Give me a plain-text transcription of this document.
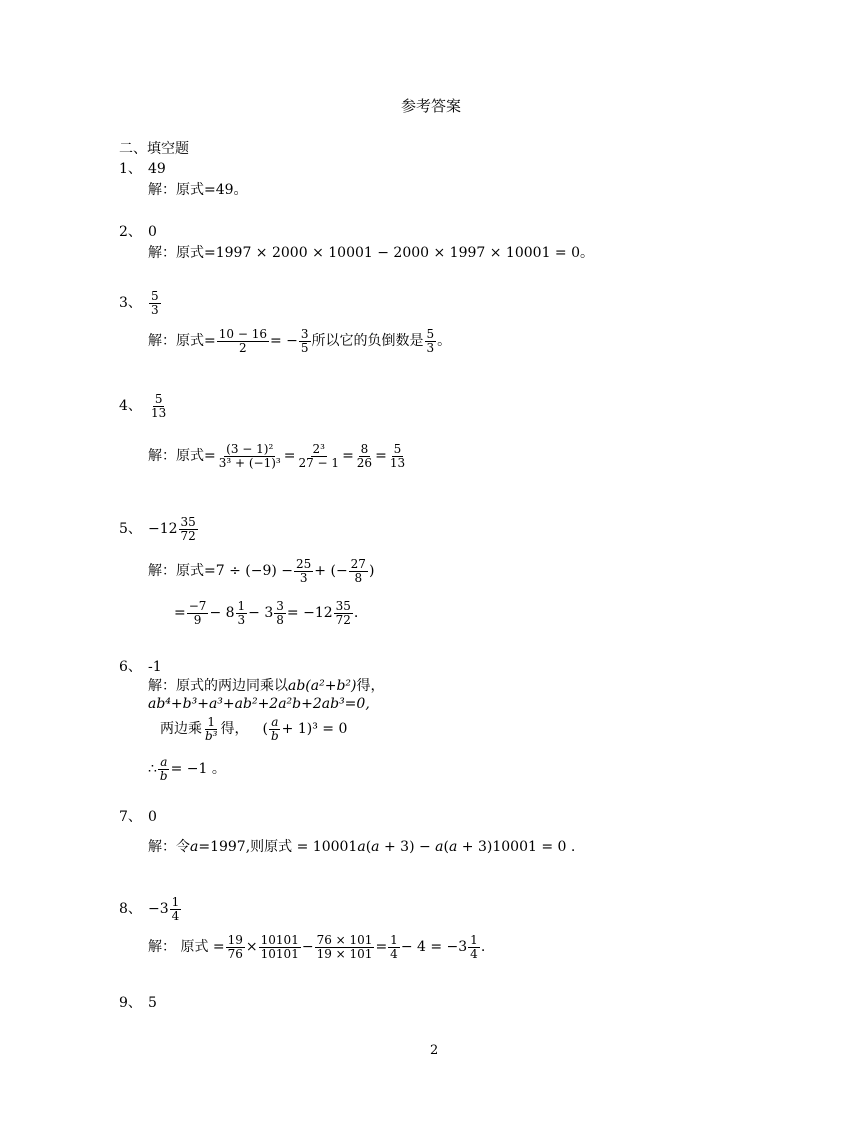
参考答案
二、填空题
1、 49
解：原式=49。
2、 0
解：原式=1997 × 2000 × 10001 − 2000 × 1997 × 10001 = 0。
3、 $\frac{5}{3}$
解：原式= $\frac{10 - 16}{2}$ = − $\frac{3}{5}$ 所以它的负倒数是 $\frac{5}{3}$ 。
4、 $\frac{5}{13}$
解：原式= $\frac{\text{(3 − 1)²}}{\text{3³ + (−1)³}} = \frac{\text{2³}}{27 - 1} = \frac{8}{26} = \frac{5}{13}$
5、 $-12 \frac{35}{72}$
解：原式$=7 \div (-9) - \frac{25}{3}$ + (− $\frac{27}{8}$ )
= $\frac{-7}{9} - 8 \frac{1}{3} - 3 \frac{3}{8} = -12 \frac{35}{72}$ .
6、 -1
解：原式的两边同乘以ab(a²+b²)得，
ab⁴+b³+a³+ab²+2a²b+2ab³=0,
两边乘 $\frac{1}{\text{b³}}$ 得， ( $\frac{a}{b} + 1)^3 = 0$
∴ $\frac{a}{b} = -1$ 。
7、 0
解：令a=1997,则原式 = 10001a(a + 3) − a(a + 3)10001 = 0 .
8、 $-3 \frac{1}{4}$
解： 原式 = $\frac{19}{76} \times \frac{10101}{10101} - \frac{76 \times 101}{19 \times 101} = \frac{1}{4} - 4 = -3 \frac{1}{4}$ .
9、 5
2
